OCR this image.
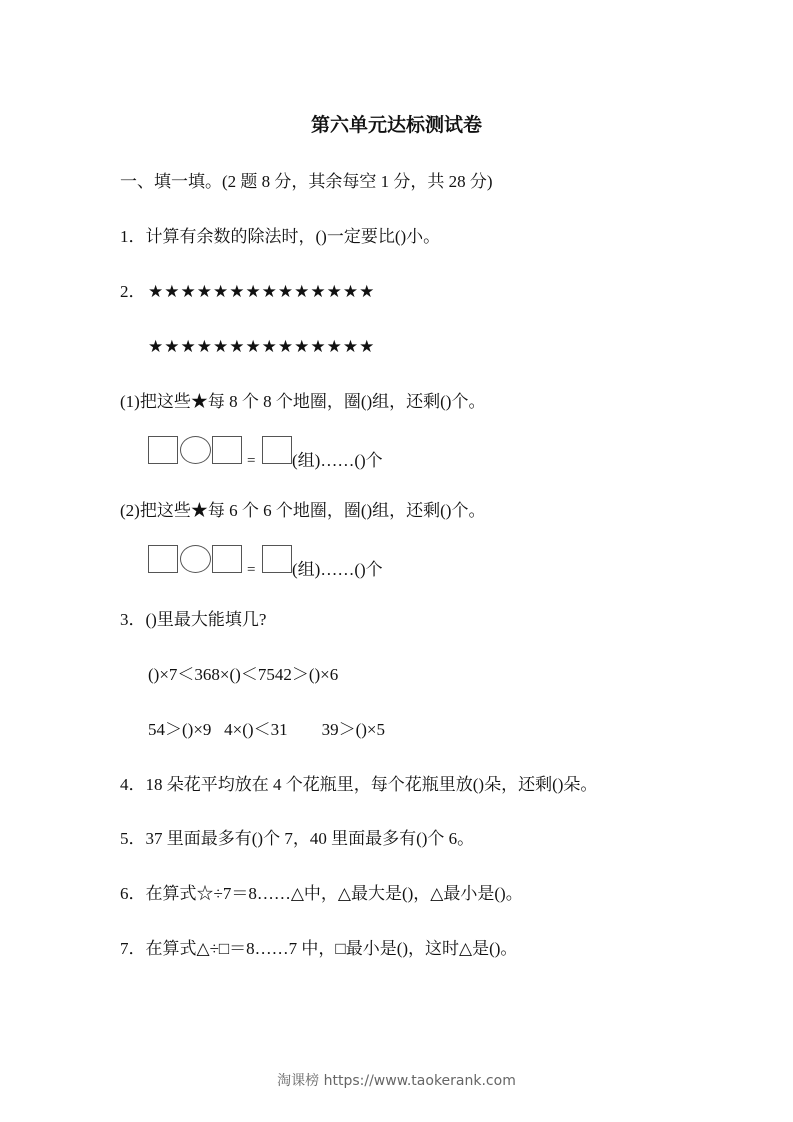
第六单元达标测试卷
一、填一填。(2 题 8 分，其余每空 1 分，共 28 分)
1．计算有余数的除法时，()一定要比()小。
2． ★★★★★★★★★★★★★★
★★★★★★★★★★★★★★
(1)把这些★每 8 个 8 个地圈，圈()组，还剩()个。
= (组)……()个
(2)把这些★每 6 个 6 个地圈，圈()组，还剩()个。
= (组)……()个
3．()里最大能填几?
()×7＜368×()＜7542＞()×6
54＞()×9   4×()＜31        39＞()×5
4．18 朵花平均放在 4 个花瓶里，每个花瓶里放()朵，还剩()朵。
5．37 里面最多有()个 7，40 里面最多有()个 6。
6．在算式☆÷7＝8……△中，△最大是()，△最小是()。
7．在算式△÷□＝8……7 中，□最小是()，这时△是()。
淘课榜 https://www.taokerank.com
